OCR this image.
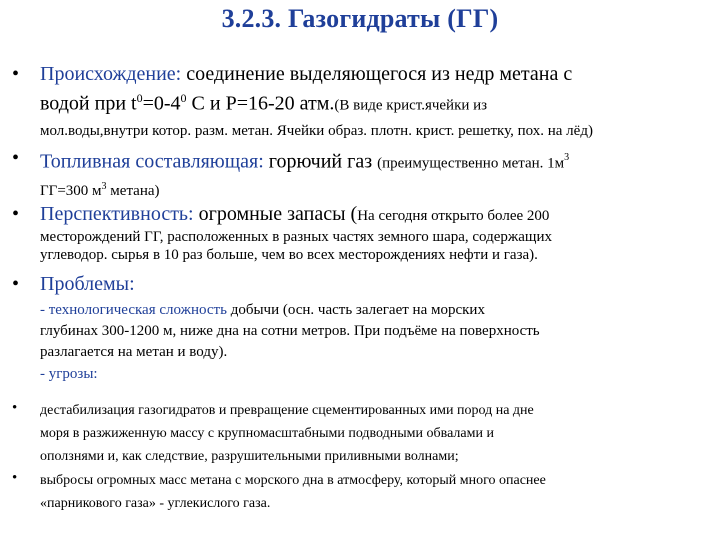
3.2.3. Газогидраты (ГГ)
•	Происхождение: соединение выделяющегося из недр метана с
водой при $t^0=0-4^0$ С и Р=16-20 атм.(В виде крист.ячейки из
мол.воды,внутри котор. разм. метан. Ячейки образ. плотн. крист. решетку, пох. на лёд)
•	Топливная составляющая: горючий газ (преимущественно метан. $1м^3$
ГГ=300 $м^3$ метана)
•	Перспективность: огромные запасы (На сегодня открыто более 200
месторождений ГГ, расположенных в разных частях земного шара, содержащих
углеводор. сырья в 10 раз больше, чем во всех месторождениях нефти и газа).
•	Проблемы:
- технологическая сложность добычи (осн. часть залегает на морских
глубинах 300-1200 м, ниже дна на сотни метров. При подъёме на поверхность
разлагается на метан и воду).
- угрозы:
•	дестабилизация газогидратов и превращение сцементированных ими пород на дне
моря в разжиженную массу с крупномасштабными подводными обвалами и
оползнями и, как следствие, разрушительными приливными волнами;
•	выбросы огромных масс метана с морского дна в атмосферу, который много опаснее
«парникового газа» - углекислого газа.
